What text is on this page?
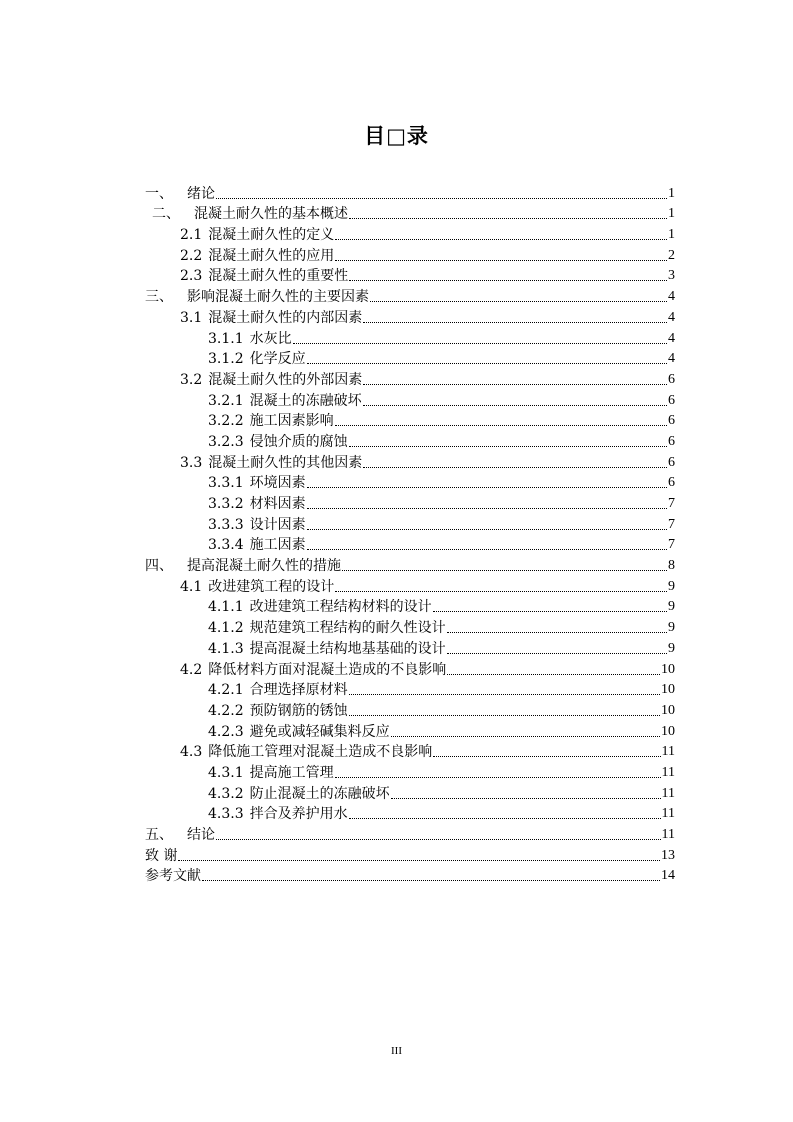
目□录
一、 绪论	1
二、 混凝土耐久性的基本概述	1
2.1 混凝土耐久性的定义	1
2.2 混凝土耐久性的应用	2
2.3 混凝土耐久性的重要性	3
三、 影响混凝土耐久性的主要因素	4
3.1 混凝土耐久性的内部因素	4
3.1.1 水灰比	4
3.1.2 化学反应	4
3.2 混凝土耐久性的外部因素	6
3.2.1 混凝土的冻融破坏	6
3.2.2 施工因素影响	6
3.2.3 侵蚀介质的腐蚀	6
3.3 混凝土耐久性的其他因素	6
3.3.1 环境因素	6
3.3.2 材料因素	7
3.3.3 设计因素	7
3.3.4 施工因素	7
四、 提高混凝土耐久性的措施	8
4.1 改进建筑工程的设计	9
4.1.1 改进建筑工程结构材料的设计	9
4.1.2 规范建筑工程结构的耐久性设计	9
4.1.3 提高混凝土结构地基基础的设计	9
4.2 降低材料方面对混凝土造成的不良影响	10
4.2.1 合理选择原材料	10
4.2.2 预防钢筋的锈蚀	10
4.2.3 避免或减轻碱集料反应	10
4.3 降低施工管理对混凝土造成不良影响	11
4.3.1 提高施工管理	11
4.3.2 防止混凝土的冻融破坏	11
4.3.3 拌合及养护用水	11
五、 结论	11
致 谢	13
参考文献	14
III
